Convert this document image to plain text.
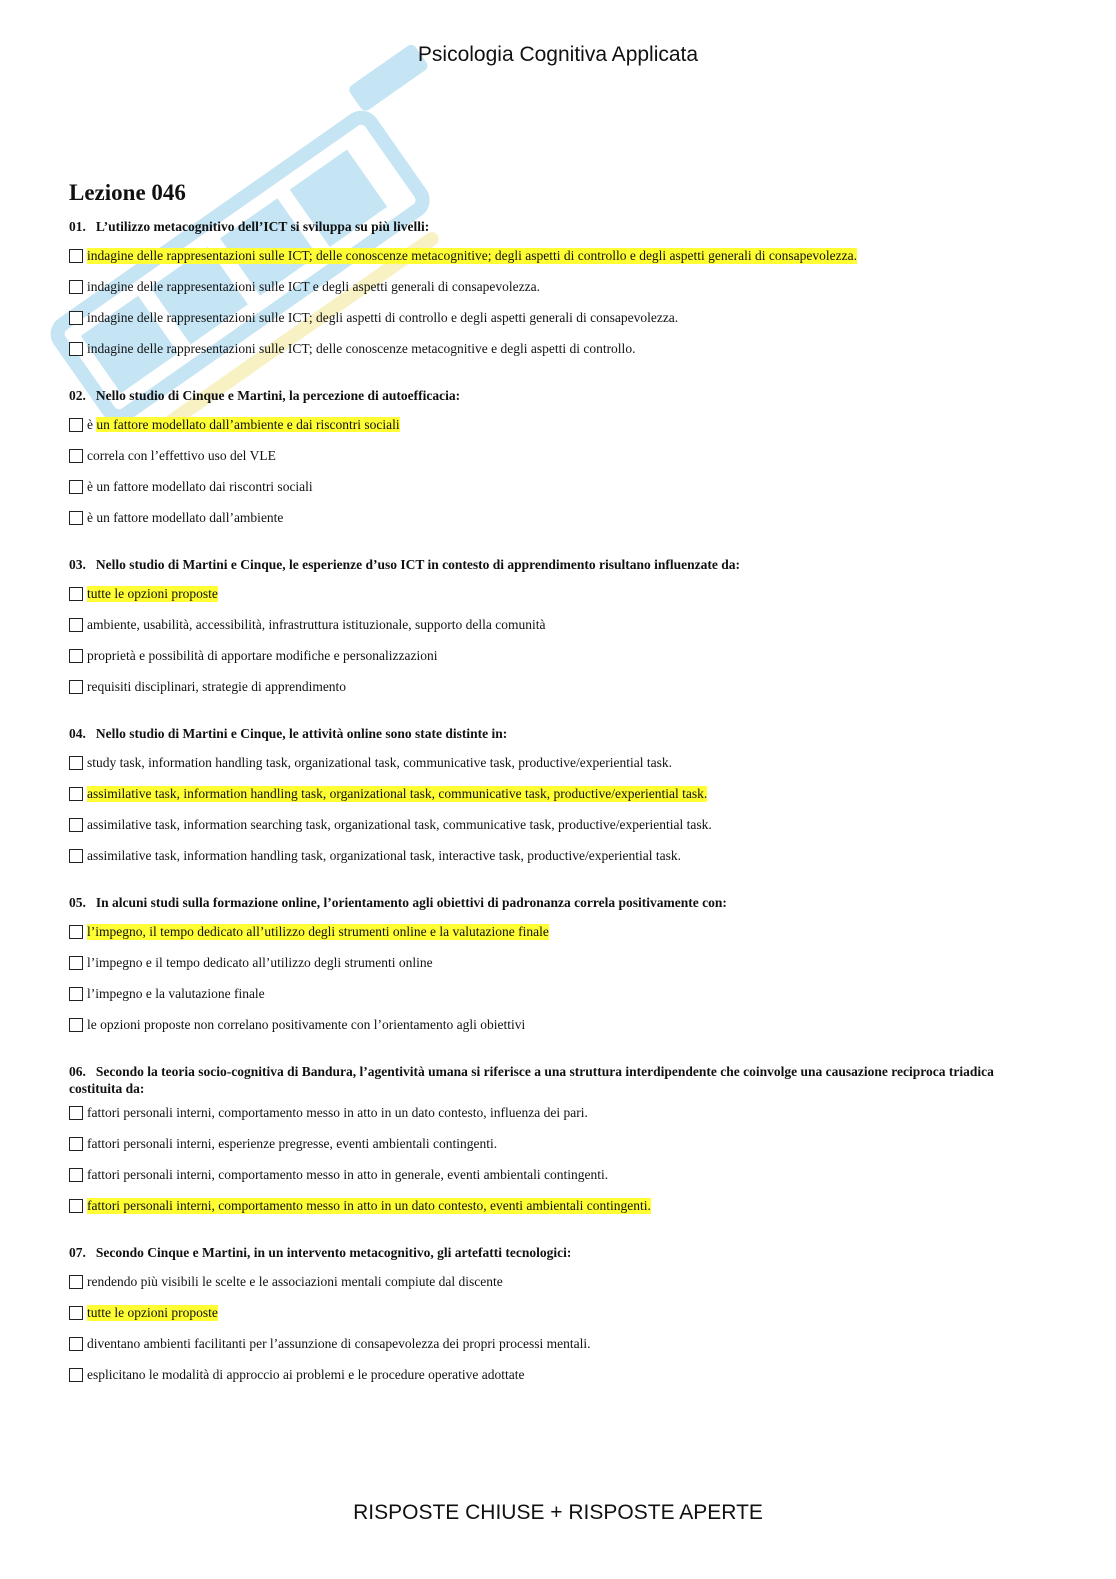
Psicologia Cognitiva Applicata
Lezione 046
01. L’utilizzo metacognitivo dell’ICT si sviluppa su più livelli:
indagine delle rappresentazioni sulle ICT; delle conoscenze metacognitive; degli aspetti di controllo e degli aspetti generali di consapevolezza.
indagine delle rappresentazioni sulle ICT e degli aspetti generali di consapevolezza.
indagine delle rappresentazioni sulle ICT; degli aspetti di controllo e degli aspetti generali di consapevolezza.
indagine delle rappresentazioni sulle ICT; delle conoscenze metacognitive e degli aspetti di controllo.
02. Nello studio di Cinque e Martini, la percezione di autoefficacia:
è un fattore modellato dall’ambiente e dai riscontri sociali
correla con l’effettivo uso del VLE
è un fattore modellato dai riscontri sociali
è un fattore modellato dall’ambiente
03. Nello studio di Martini e Cinque, le esperienze d’uso ICT in contesto di apprendimento risultano influenzate da:
tutte le opzioni proposte
ambiente, usabilità, accessibilità, infrastruttura istituzionale, supporto della comunità
proprietà e possibilità di apportare modifiche e personalizzazioni
requisiti disciplinari, strategie di apprendimento
04. Nello studio di Martini e Cinque, le attività online sono state distinte in:
study task, information handling task, organizational task, communicative task, productive/experiential task.
assimilative task, information handling task, organizational task, communicative task, productive/experiential task.
assimilative task, information searching task, organizational task, communicative task, productive/experiential task.
assimilative task, information handling task, organizational task, interactive task, productive/experiential task.
05. In alcuni studi sulla formazione online, l’orientamento agli obiettivi di padronanza correla positivamente con:
l’impegno, il tempo dedicato all’utilizzo degli strumenti online e la valutazione finale
l’impegno e il tempo dedicato all’utilizzo degli strumenti online
l’impegno e la valutazione finale
le opzioni proposte non correlano positivamente con l’orientamento agli obiettivi
06. Secondo la teoria socio-cognitiva di Bandura, l’agentività umana si riferisce a una struttura interdipendente che coinvolge una causazione reciproca triadica costituita da:
fattori personali interni, comportamento messo in atto in un dato contesto, influenza dei pari.
fattori personali interni, esperienze pregresse, eventi ambientali contingenti.
fattori personali interni, comportamento messo in atto in generale, eventi ambientali contingenti.
fattori personali interni, comportamento messo in atto in un dato contesto, eventi ambientali contingenti.
07. Secondo Cinque e Martini, in un intervento metacognitivo, gli artefatti tecnologici:
rendendo più visibili le scelte e le associazioni mentali compiute dal discente
tutte le opzioni proposte
diventano ambienti facilitanti per l’assunzione di consapevolezza dei propri processi mentali.
esplicitano le modalità di approccio ai problemi e le procedure operative adottate
RISPOSTE CHIUSE + RISPOSTE APERTE
